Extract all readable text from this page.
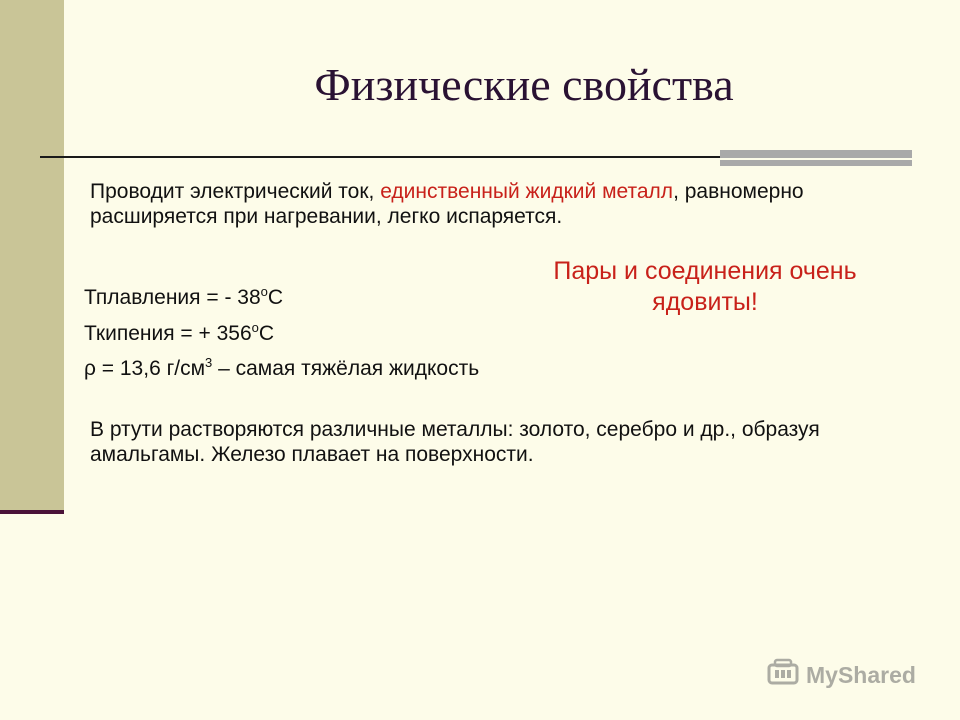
Физические свойства

Проводит электрический ток, единственный жидкий металл, равномерно расширяется при нагревании, легко испаряется.

Тплавления = - $38^оС$

Ткипения = + $356^оС$

ρ = 13,6 $г/см^3$ – самая тяжёлая жидкость

Пары и соединения очень ядовиты!

В ртути растворяются различные металлы: золото, серебро и др., образуя амальгамы. Железо плавает на поверхности.

MyShared
